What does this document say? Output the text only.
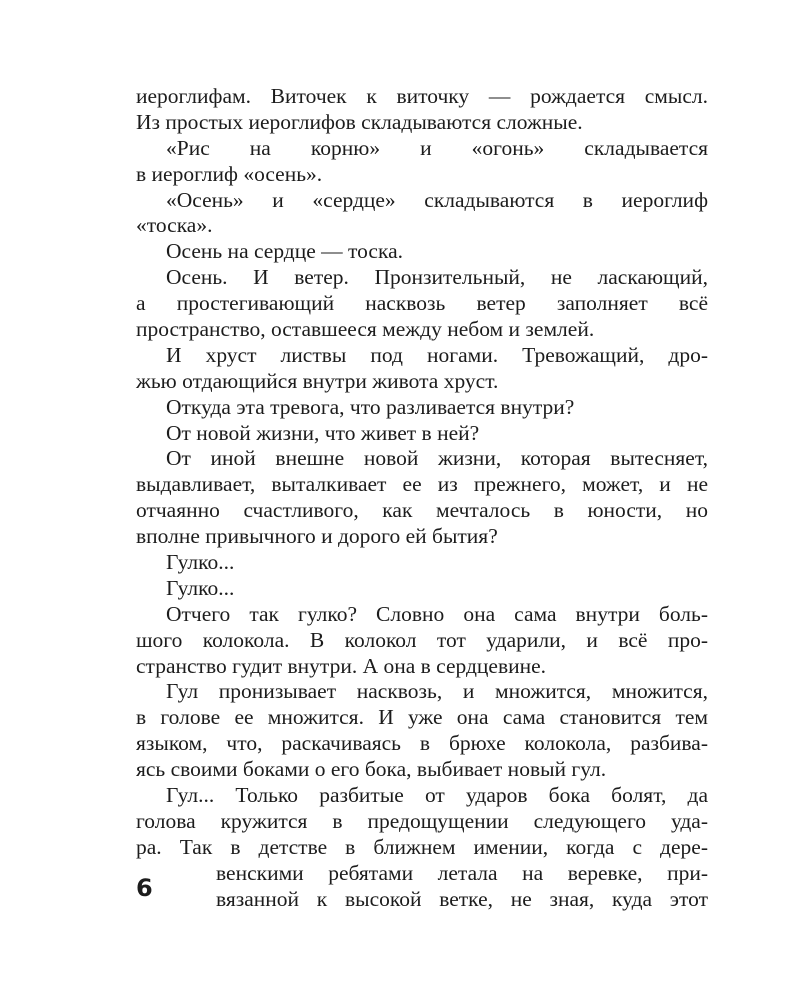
иероглифам. Виточек к виточку — рождается смысл.
Из простых иероглифов складываются сложные.
«Рис на корню» и «огонь» складывается
в иероглиф «осень».
«Осень» и «сердце» складываются в иероглиф
«тоска».
Осень на сердце — тоска.
Осень. И ветер. Пронзительный, не ласкающий,
а простегивающий насквозь ветер заполняет всё
пространство, оставшееся между небом и землей.
И хруст листвы под ногами. Тревожащий, дро-
жью отдающийся внутри живота хруст.
Откуда эта тревога, что разливается внутри?
От новой жизни, что живет в ней?
От иной внешне новой жизни, которая вытесняет,
выдавливает, выталкивает ее из прежнего, может, и не
отчаянно счастливого, как мечталось в юности, но
вполне привычного и дорого ей бытия?
Гулко...
Гулко...
Отчего так гулко? Словно она сама внутри боль-
шого колокола. В колокол тот ударили, и всё про-
странство гудит внутри. А она в сердцевине.
Гул пронизывает насквозь, и множится, множится,
в голове ее множится. И уже она сама становится тем
языком, что, раскачиваясь в брюхе колокола, разбива-
ясь своими боками о его бока, выбивает новый гул.
Гул... Только разбитые от ударов бока болят, да
голова кружится в предощущении следующего уда-
ра. Так в детстве в ближнем имении, когда с дере-
венскими ребятами летала на веревке, при-
вязанной к высокой ветке, не зная, куда этот
6
